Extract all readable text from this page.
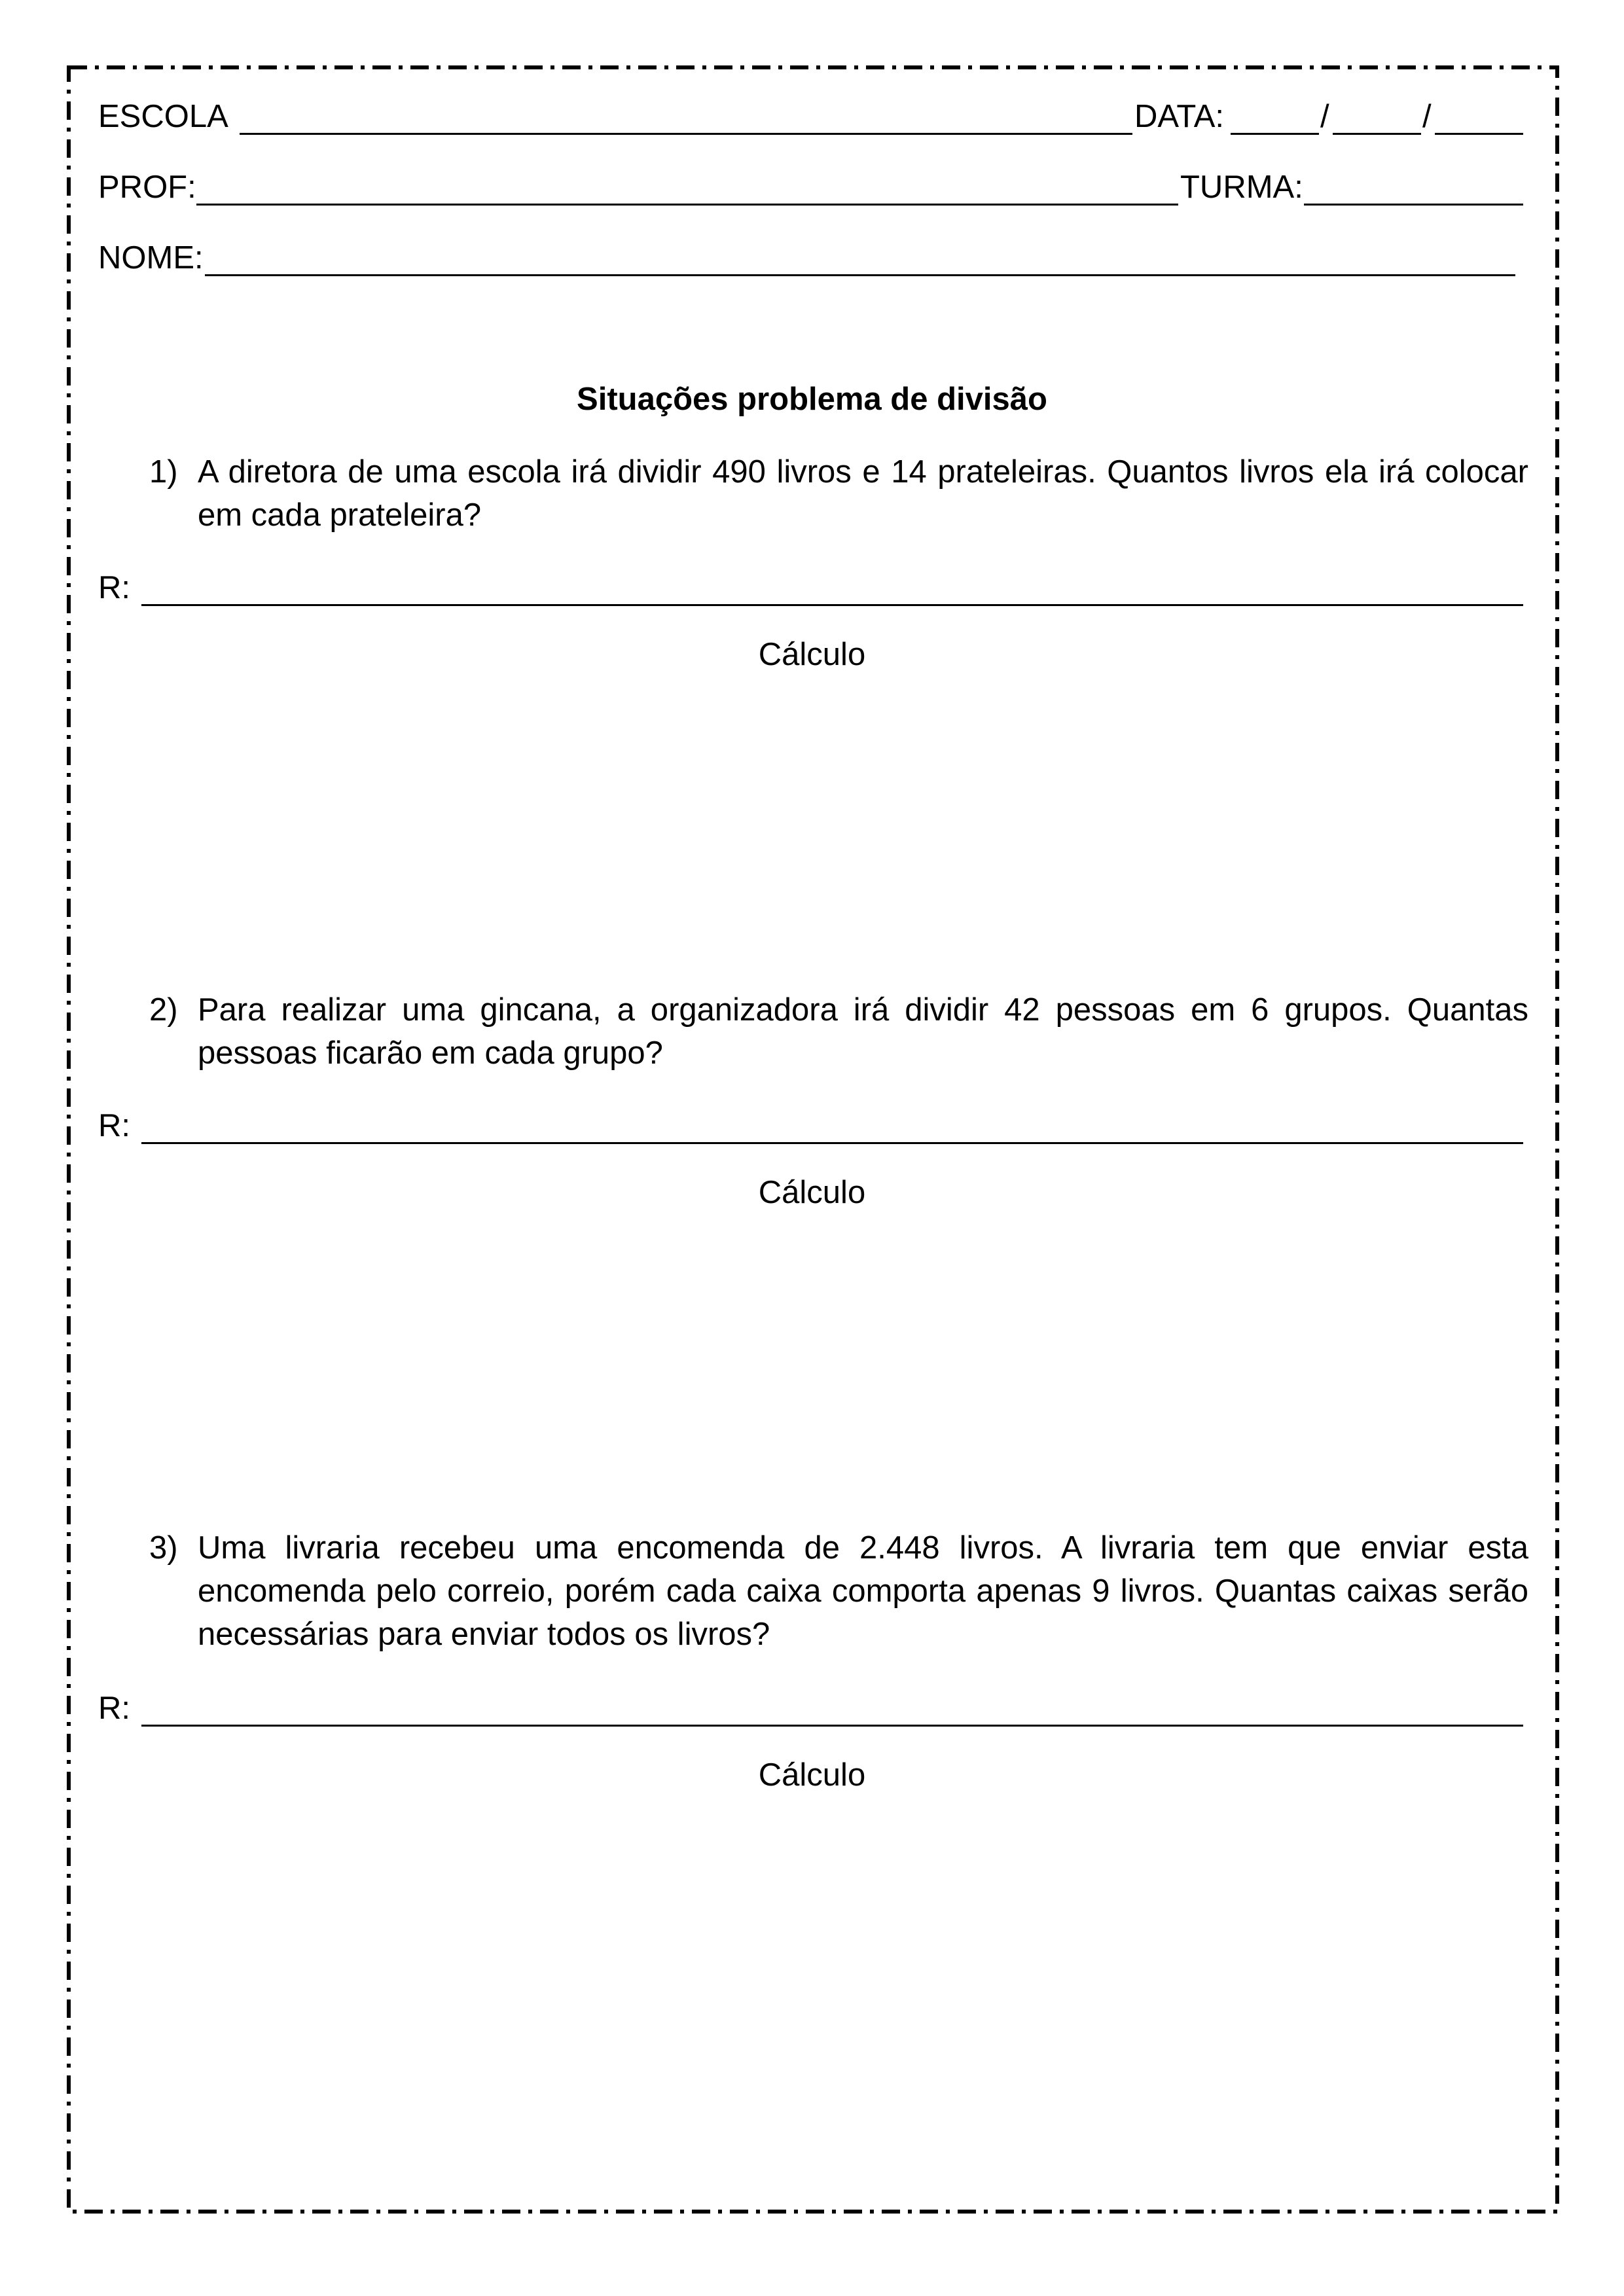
ESCOLA	DATA:	/	/
PROF:	TURMA:
NOME:
Situações problema de divisão
1) A diretora de uma escola irá dividir 490 livros e 14 prateleiras. Quantos livros ela irá colocar em cada prateleira?
R:
Cálculo
2) Para realizar uma gincana, a organizadora irá dividir 42 pessoas em 6 grupos. Quantas pessoas ficarão em cada grupo?
R:
Cálculo
3) Uma livraria recebeu uma encomenda de 2.448 livros. A livraria tem que enviar esta encomenda pelo correio, porém cada caixa comporta apenas 9 livros. Quantas caixas serão necessárias para enviar todos os livros?
R:
Cálculo
